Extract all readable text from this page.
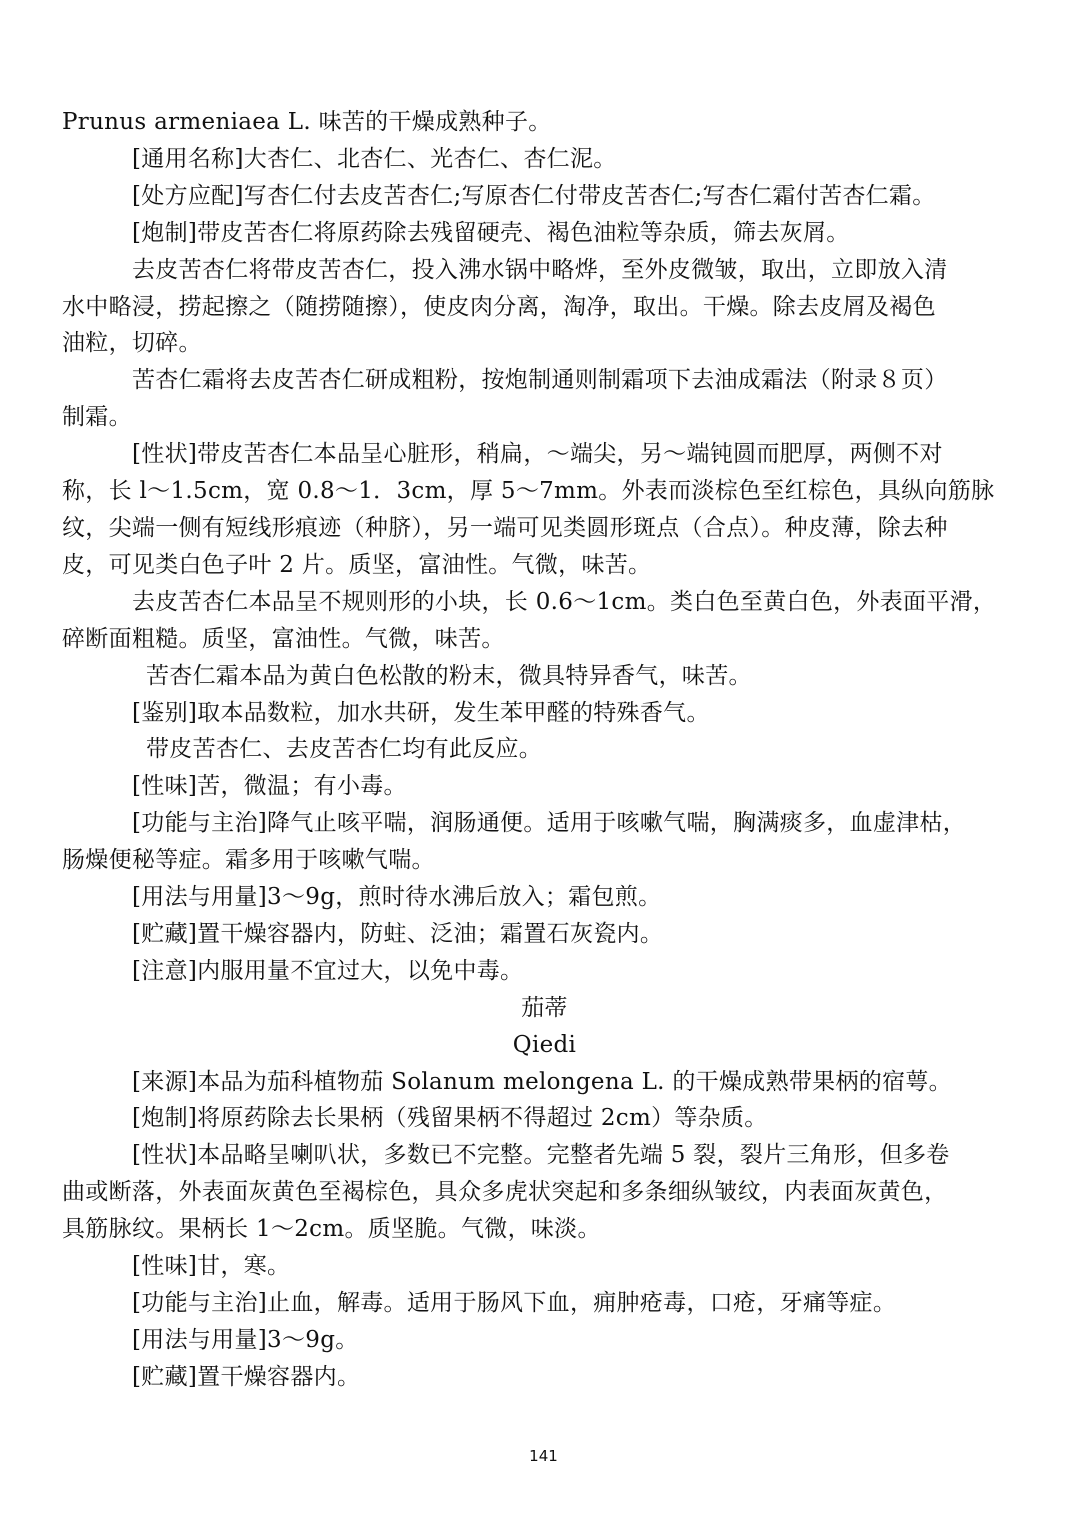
Prunus armeniaea L. 味苦的干燥成熟种子。
[通用名称]大杏仁、北杏仁、光杏仁、杏仁泥。
[处方应配]写杏仁付去皮苦杏仁;写原杏仁付带皮苦杏仁;写杏仁霜付苦杏仁霜。
[炮制]带皮苦杏仁将原药除去残留硬壳、褐色油粒等杂质，筛去灰屑。
去皮苦杏仁将带皮苦杏仁，投入沸水锅中略烨，至外皮微皱，取出，立即放入清
水中略浸，捞起擦之（随捞随擦），使皮肉分离，淘净，取出。干燥。除去皮屑及褐色
油粒，切碎。
苦杏仁霜将去皮苦杏仁研成粗粉，按炮制通则制霜项下去油成霜法（附录８页）
制霜。
[性状]带皮苦杏仁本品呈心脏形，稍扁，～端尖，另～端钝圆而肥厚，两侧不对
称，长 l～1.5cm，宽 0.8～1．3cm，厚 5～7mm。外表而淡棕色至红棕色，具纵向筋脉
纹，尖端一侧有短线形痕迹（种脐），另一端可见类圆形斑点（合点）。种皮薄，除去种
皮，可见类白色子叶 2 片。质坚，富油性。气微，味苦。
去皮苦杏仁本品呈不规则形的小块，长 0.6～1cm。类白色至黄白色，外表面平滑，
碎断面粗糙。质坚，富油性。气微，味苦。
苦杏仁霜本品为黄白色松散的粉末，微具特异香气，味苦。
[鉴别]取本品数粒，加水共研，发生苯甲醛的特殊香气。
带皮苦杏仁、去皮苦杏仁均有此反应。
[性味]苦，微温；有小毒。
[功能与主治]降气止咳平喘，润肠通便。适用于咳嗽气喘，胸满痰多，血虚津枯，
肠燥便秘等症。霜多用于咳嗽气喘。
[用法与用量]3～9g，煎时待水沸后放入；霜包煎。
[贮藏]置干燥容器内，防蛀、泛油；霜置石灰瓷内。
[注意]内服用量不宜过大，以免中毒。
茄蒂
Qiedi
[来源]本品为茄科植物茄 Solanum melongena L. 的干燥成熟带果柄的宿萼。
[炮制]将原药除去长果柄（残留果柄不得超过 2cm）等杂质。
[性状]本品略呈喇叭状，多数已不完整。完整者先端 5 裂，裂片三角形，但多卷
曲或断落，外表面灰黄色至褐棕色，具众多虎状突起和多条细纵皱纹，内表面灰黄色，
具筋脉纹。果柄长 1～2cm。质坚脆。气微，味淡。
[性味]甘，寒。
[功能与主治]止血，解毒。适用于肠风下血，痈肿疮毒，口疮，牙痛等症。
[用法与用量]3～9g。
[贮藏]置干燥容器内。
141
